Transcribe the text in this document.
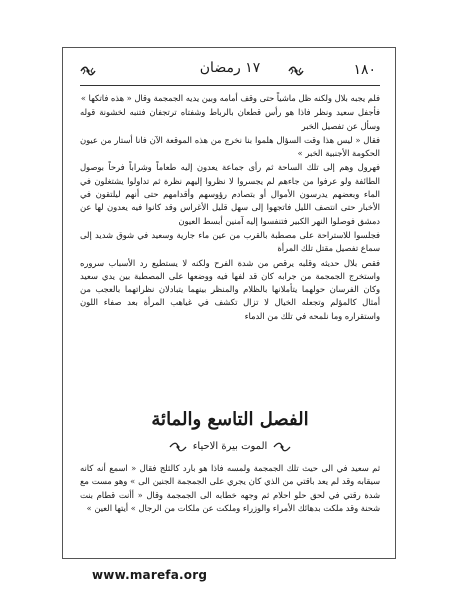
١٧ رمضان	١٨٠

فلم يجبه بلال ولكنه ظل ماشياً حتى وقف أمامه وبين يديه الجمجمة وقال « هذه فاتكها »

فأجفل سعيد ونظر فاذا هو رأس قطعان بالرباط وشفتاه ترتجفان فتنبه لخشونة قوله وسأل عن تفصيل الخبر

فقال « ليس هذا وقت السؤال هلموا بنا نخرج من هذه الموقعة الآن فانا أستار من عيون الحكومة الأجنبية الخبر »

فهرول وهم إلى تلك الساحة ثم رأى جماعة يعدون إليه طعاماً وشراباً فرحاً بوصول الطائفة ولو عرفوا من جاءهم لم يجسروا لا نظروا إليهم نظرة ثم تداولوا يشتغلون في الماء وبعضهم يدرسون الأموال أو بتصادم رؤوسهم وأقدامهم حتى أنهم ليلتقون في الأخبار حتى انتصف الليل فاتجهوا إلى سهل قليل الأغراس وقد كانوا فيه يعدون لها عن دمشق فوصلوا النهر الكبير فتنفسوا إليه آمنين أبسط العيون

فجلسوا للاستراحة على مصطبة بالقرب من عين ماء جارية وسعيد في شوق شديد إلى سماع تفصيل مقتل تلك المرأة

فقص بلال حديثه وقلبه يرقص من شدة الفرح ولكنه لا يستطيع رد الأسباب سروره واستخرج الجمجمة من جرابه كان قد لفها فيه ووضعها على المصطبة بين يدي سعيد وكان الفرسان حولهما يتأملانها بالظلام والمنظر بينهما يتبادلان نظراتهما بالعجب من أمثال كالمؤلم وتجعله الخيال لا تزال تكشف في غياهب المرأة بعد صفاء اللون واستقراره وما نلمحه في تلك من الدماء

الفصل التاسع والمائة
الموت بيرة الاحياء

ثم سعيد في الى حيث تلك الجمجمة ولمسه فاذا هو بارد كالثلج فقال « اسمع أنه كانه سيقابه وقد لم يعد باقتي من الذي كان يجري على الجمجمة الجنين الى » وهو مست مع شدة رقتي في لحق حلو احلام ثم وجهه خطابه الى الجمجمة وقال « أأنت قطام بنت شحنة وقد ملكت بدهائك الأمراء والوزراء وملكت عن ملكات من الرجال » أيتها العين »

www.marefa.org
